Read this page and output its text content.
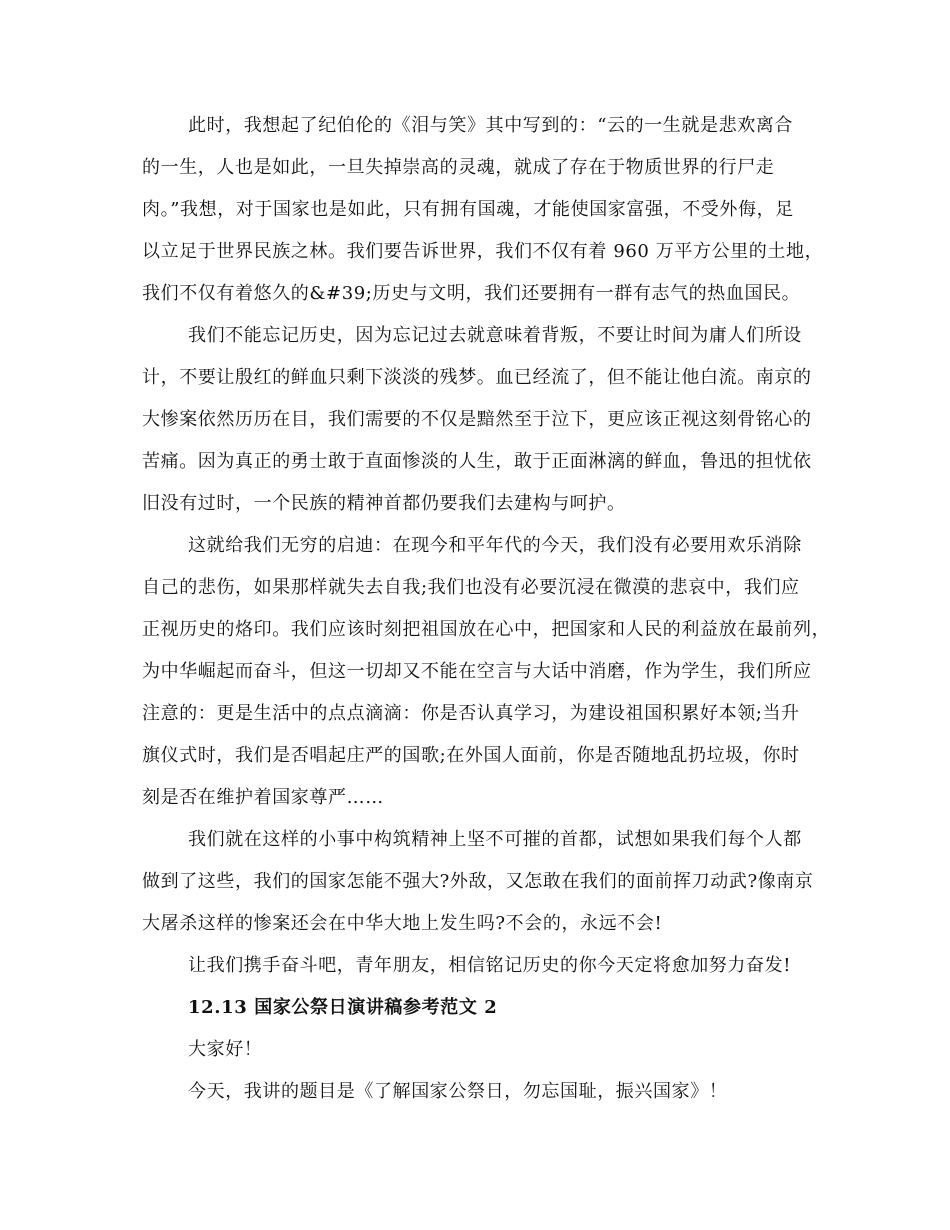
此时，我想起了纪伯伦的《泪与笑》其中写到的：“云的一生就是悲欢离合
的一生，人也是如此，一旦失掉崇高的灵魂，就成了存在于物质世界的行尸走
肉。”我想，对于国家也是如此，只有拥有国魂，才能使国家富强，不受外侮，足
以立足于世界民族之林。我们要告诉世界，我们不仅有着 960 万平方公里的土地，
我们不仅有着悠久的&#39;历史与文明，我们还要拥有一群有志气的热血国民。
我们不能忘记历史，因为忘记过去就意味着背叛，不要让时间为庸人们所设
计，不要让殷红的鲜血只剩下淡淡的残梦。血已经流了，但不能让他白流。南京的
大惨案依然历历在目，我们需要的不仅是黯然至于泣下，更应该正视这刻骨铭心的
苦痛。因为真正的勇士敢于直面惨淡的人生，敢于正面淋漓的鲜血，鲁迅的担忧依
旧没有过时，一个民族的精神首都仍要我们去建构与呵护。
这就给我们无穷的启迪：在现今和平年代的今天，我们没有必要用欢乐消除
自己的悲伤，如果那样就失去自我;我们也没有必要沉浸在微漠的悲哀中，我们应
正视历史的烙印。我们应该时刻把祖国放在心中，把国家和人民的利益放在最前列，
为中华崛起而奋斗，但这一切却又不能在空言与大话中消磨，作为学生，我们所应
注意的：更是生活中的点点滴滴：你是否认真学习，为建设祖国积累好本领;当升
旗仪式时，我们是否唱起庄严的国歌;在外国人面前，你是否随地乱扔垃圾，你时
刻是否在维护着国家尊严……
我们就在这样的小事中构筑精神上坚不可摧的首都，试想如果我们每个人都
做到了这些，我们的国家怎能不强大?外敌，又怎敢在我们的面前挥刀动武?像南京
大屠杀这样的惨案还会在中华大地上发生吗?不会的，永远不会!
让我们携手奋斗吧，青年朋友，相信铭记历史的你今天定将愈加努力奋发!
12.13 国家公祭日演讲稿参考范文 2
大家好！
今天，我讲的题目是《了解国家公祭日，勿忘国耻，振兴国家》！
